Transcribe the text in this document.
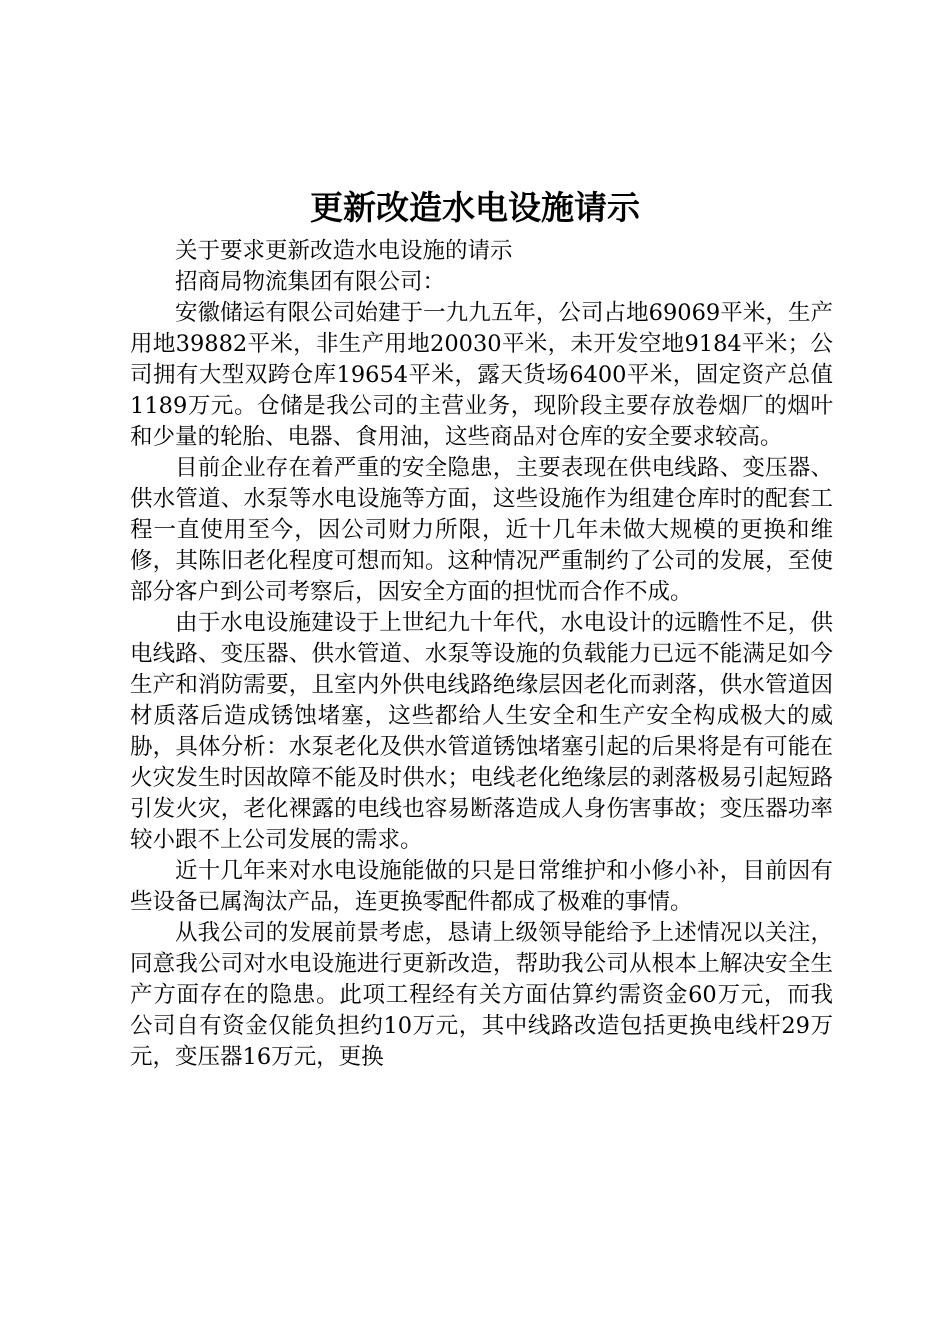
更新改造水电设施请示

关于要求更新改造水电设施的请示

招商局物流集团有限公司：

安徽储运有限公司始建于一九九五年，公司占地69069平米，生产用地39882平米，非生产用地20030平米，未开发空地9184平米；公司拥有大型双跨仓库19654平米，露天货场6400平米，固定资产总值1189万元。仓储是我公司的主营业务，现阶段主要存放卷烟厂的烟叶和少量的轮胎、电器、食用油，这些商品对仓库的安全要求较高。

目前企业存在着严重的安全隐患，主要表现在供电线路、变压器、供水管道、水泵等水电设施等方面，这些设施作为组建仓库时的配套工程一直使用至今，因公司财力所限，近十几年未做大规模的更换和维修，其陈旧老化程度可想而知。这种情况严重制约了公司的发展，至使部分客户到公司考察后，因安全方面的担忧而合作不成。

由于水电设施建设于上世纪九十年代，水电设计的远瞻性不足，供电线路、变压器、供水管道、水泵等设施的负载能力已远不能满足如今生产和消防需要，且室内外供电线路绝缘层因老化而剥落，供水管道因材质落后造成锈蚀堵塞，这些都给人生安全和生产安全构成极大的威胁，具体分析：水泵老化及供水管道锈蚀堵塞引起的后果将是有可能在火灾发生时因故障不能及时供水；电线老化绝缘层的剥落极易引起短路引发火灾，老化裸露的电线也容易断落造成人身伤害事故；变压器功率较小跟不上公司发展的需求。

近十几年来对水电设施能做的只是日常维护和小修小补，目前因有些设备已属淘汰产品，连更换零配件都成了极难的事情。

从我公司的发展前景考虑，恳请上级领导能给予上述情况以关注，同意我公司对水电设施进行更新改造，帮助我公司从根本上解决安全生产方面存在的隐患。此项工程经有关方面估算约需资金60万元，而我公司自有资金仅能负担约10万元，其中线路改造包括更换电线杆29万元，变压器16万元，更换
